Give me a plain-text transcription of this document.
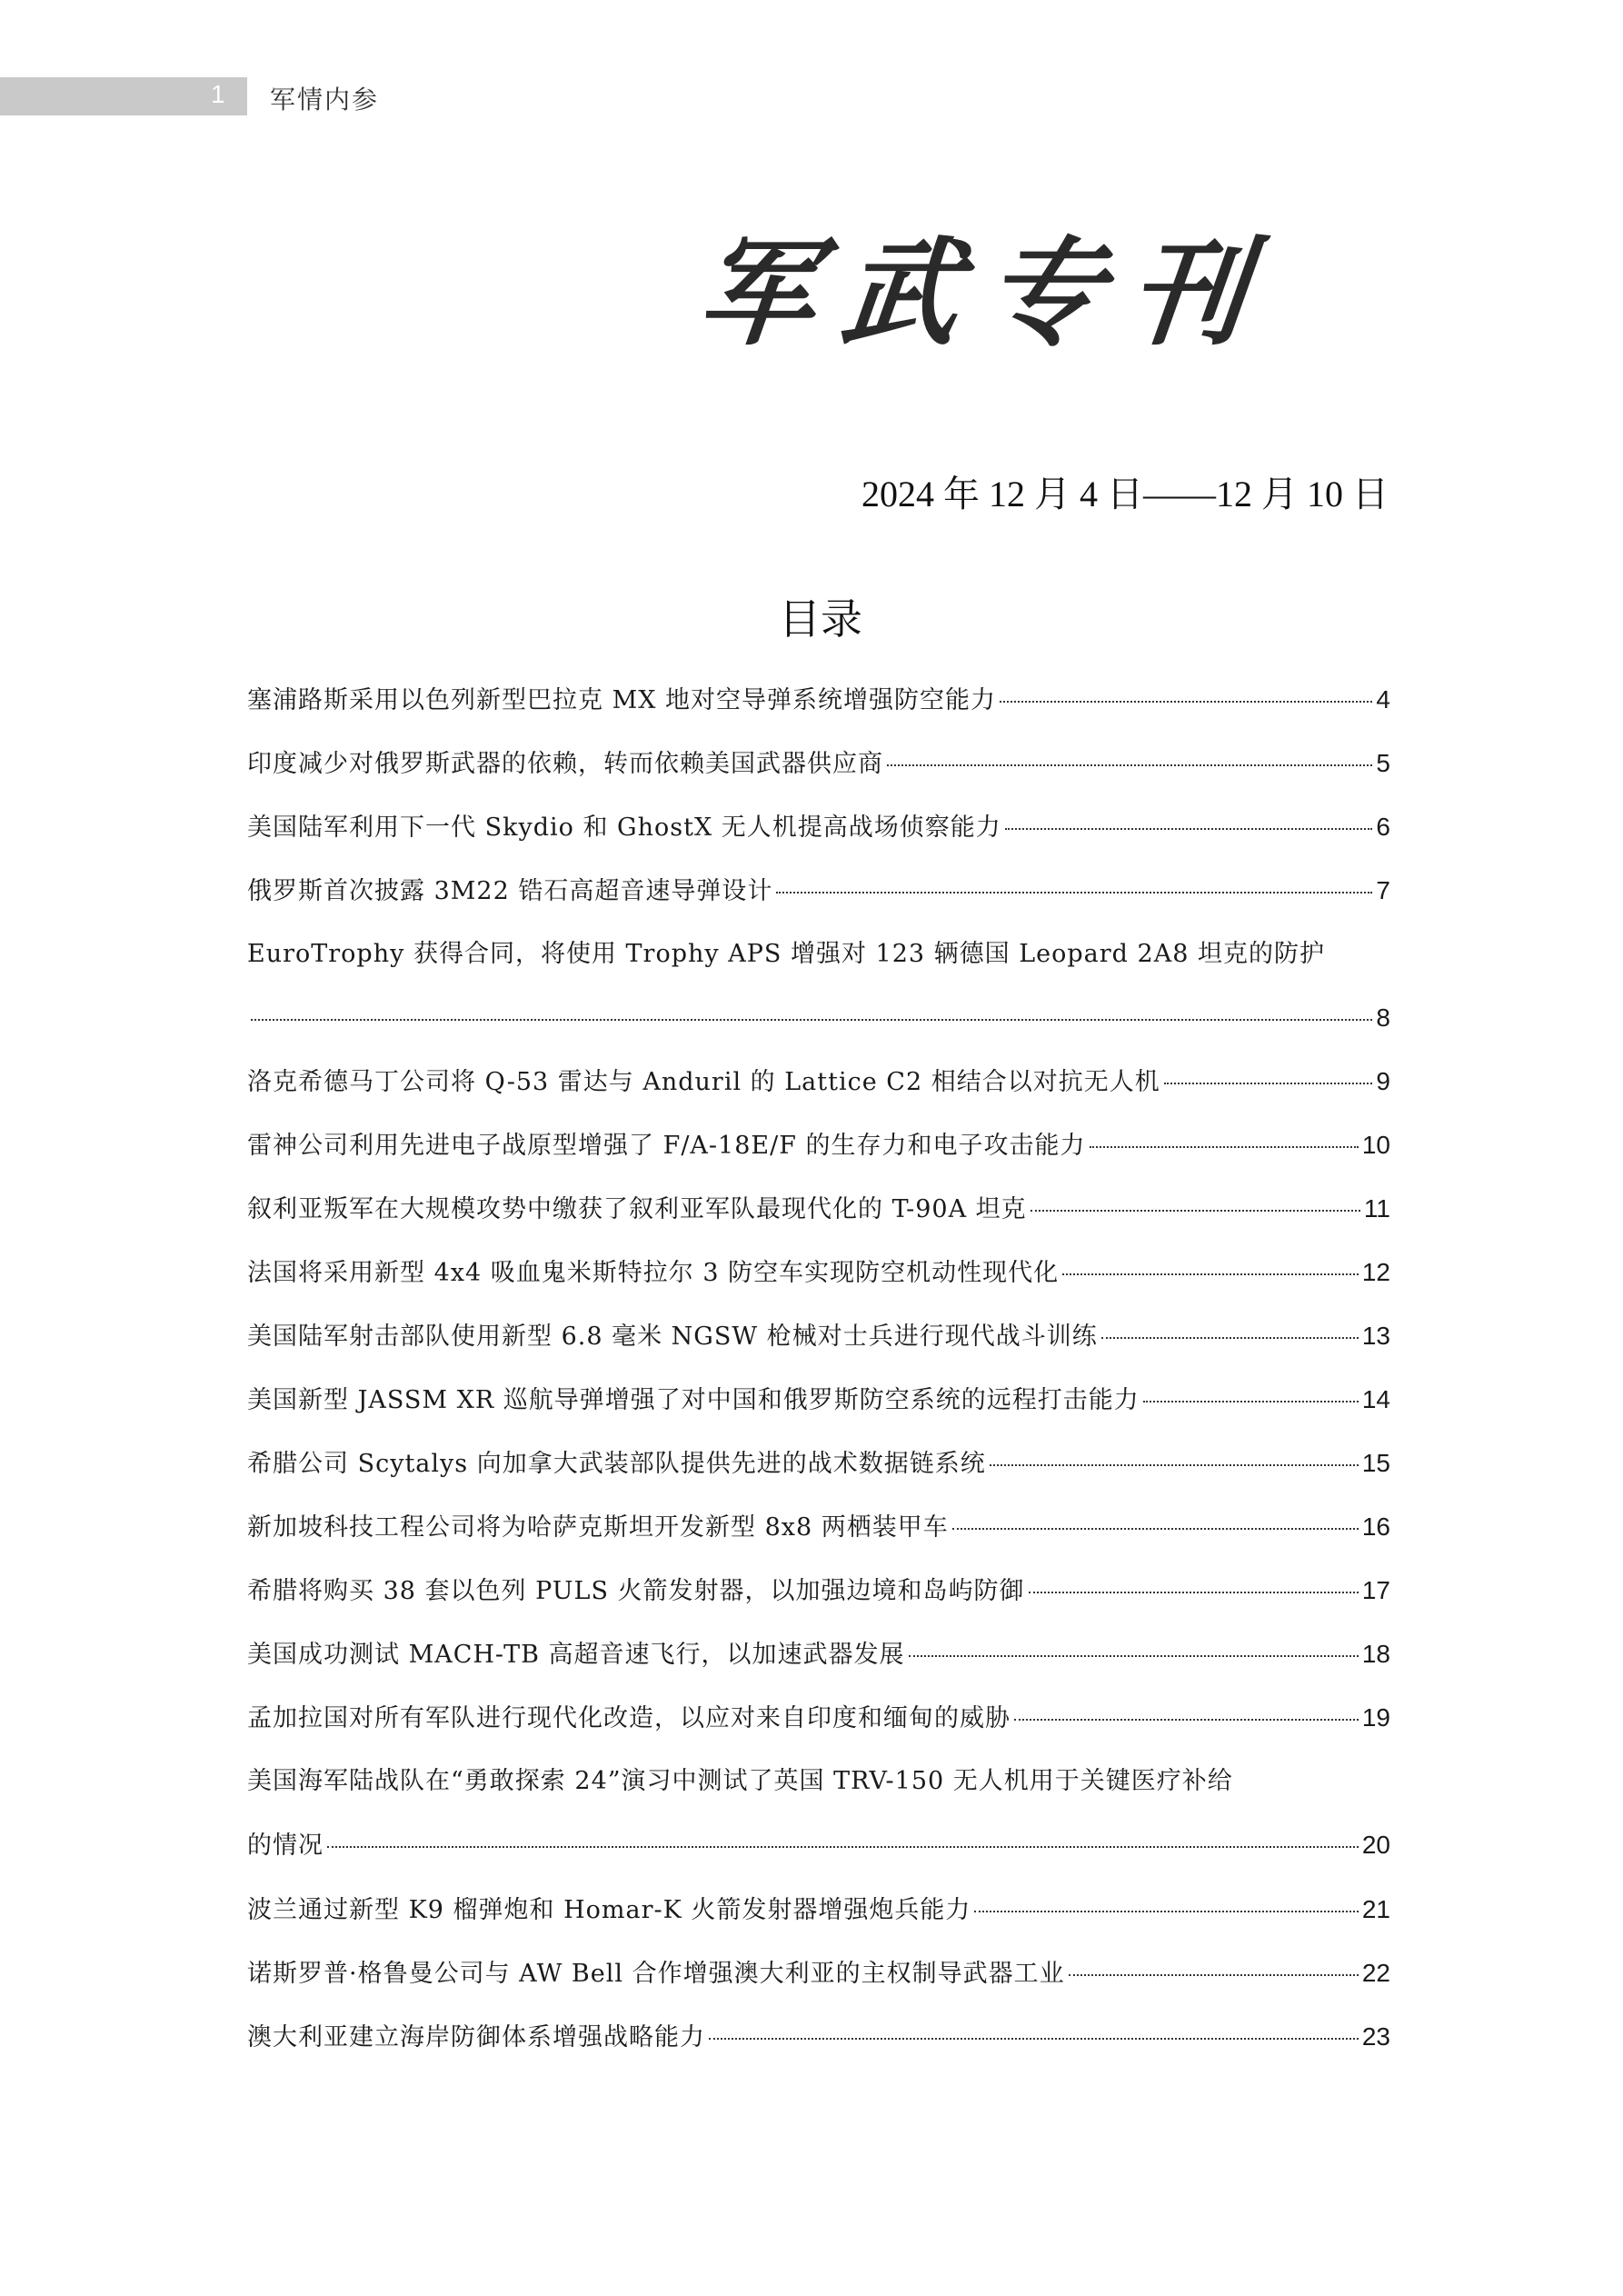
1 军情内参
军武专刊
2024 年 12 月 4 日——12 月 10 日
目录
塞浦路斯采用以色列新型巴拉克 MX 地对空导弹系统增强防空能力	4
印度减少对俄罗斯武器的依赖，转而依赖美国武器供应商	5
美国陆军利用下一代 Skydio 和 GhostX 无人机提高战场侦察能力	6
俄罗斯首次披露 3M22 锆石高超音速导弹设计	7
EuroTrophy 获得合同，将使用 Trophy APS 增强对 123 辆德国 Leopard 2A8 坦克的防护
8
洛克希德马丁公司将 Q-53 雷达与 Anduril 的 Lattice C2 相结合以对抗无人机	9
雷神公司利用先进电子战原型增强了 F/A-18E/F 的生存力和电子攻击能力	10
叙利亚叛军在大规模攻势中缴获了叙利亚军队最现代化的 T-90A 坦克	11
法国将采用新型 4x4 吸血鬼米斯特拉尔 3 防空车实现防空机动性现代化	12
美国陆军射击部队使用新型 6.8 毫米 NGSW 枪械对士兵进行现代战斗训练	13
美国新型 JASSM XR 巡航导弹增强了对中国和俄罗斯防空系统的远程打击能力	14
希腊公司 Scytalys 向加拿大武装部队提供先进的战术数据链系统	15
新加坡科技工程公司将为哈萨克斯坦开发新型 8x8 两栖装甲车	16
希腊将购买 38 套以色列 PULS 火箭发射器，以加强边境和岛屿防御	17
美国成功测试 MACH-TB 高超音速飞行，以加速武器发展	18
孟加拉国对所有军队进行现代化改造，以应对来自印度和缅甸的威胁	19
美国海军陆战队在“勇敢探索 24”演习中测试了英国 TRV-150 无人机用于关键医疗补给
的情况	20
波兰通过新型 K9 榴弹炮和 Homar-K 火箭发射器增强炮兵能力	21
诺斯罗普·格鲁曼公司与 AW Bell 合作增强澳大利亚的主权制导武器工业	22
澳大利亚建立海岸防御体系增强战略能力	23
